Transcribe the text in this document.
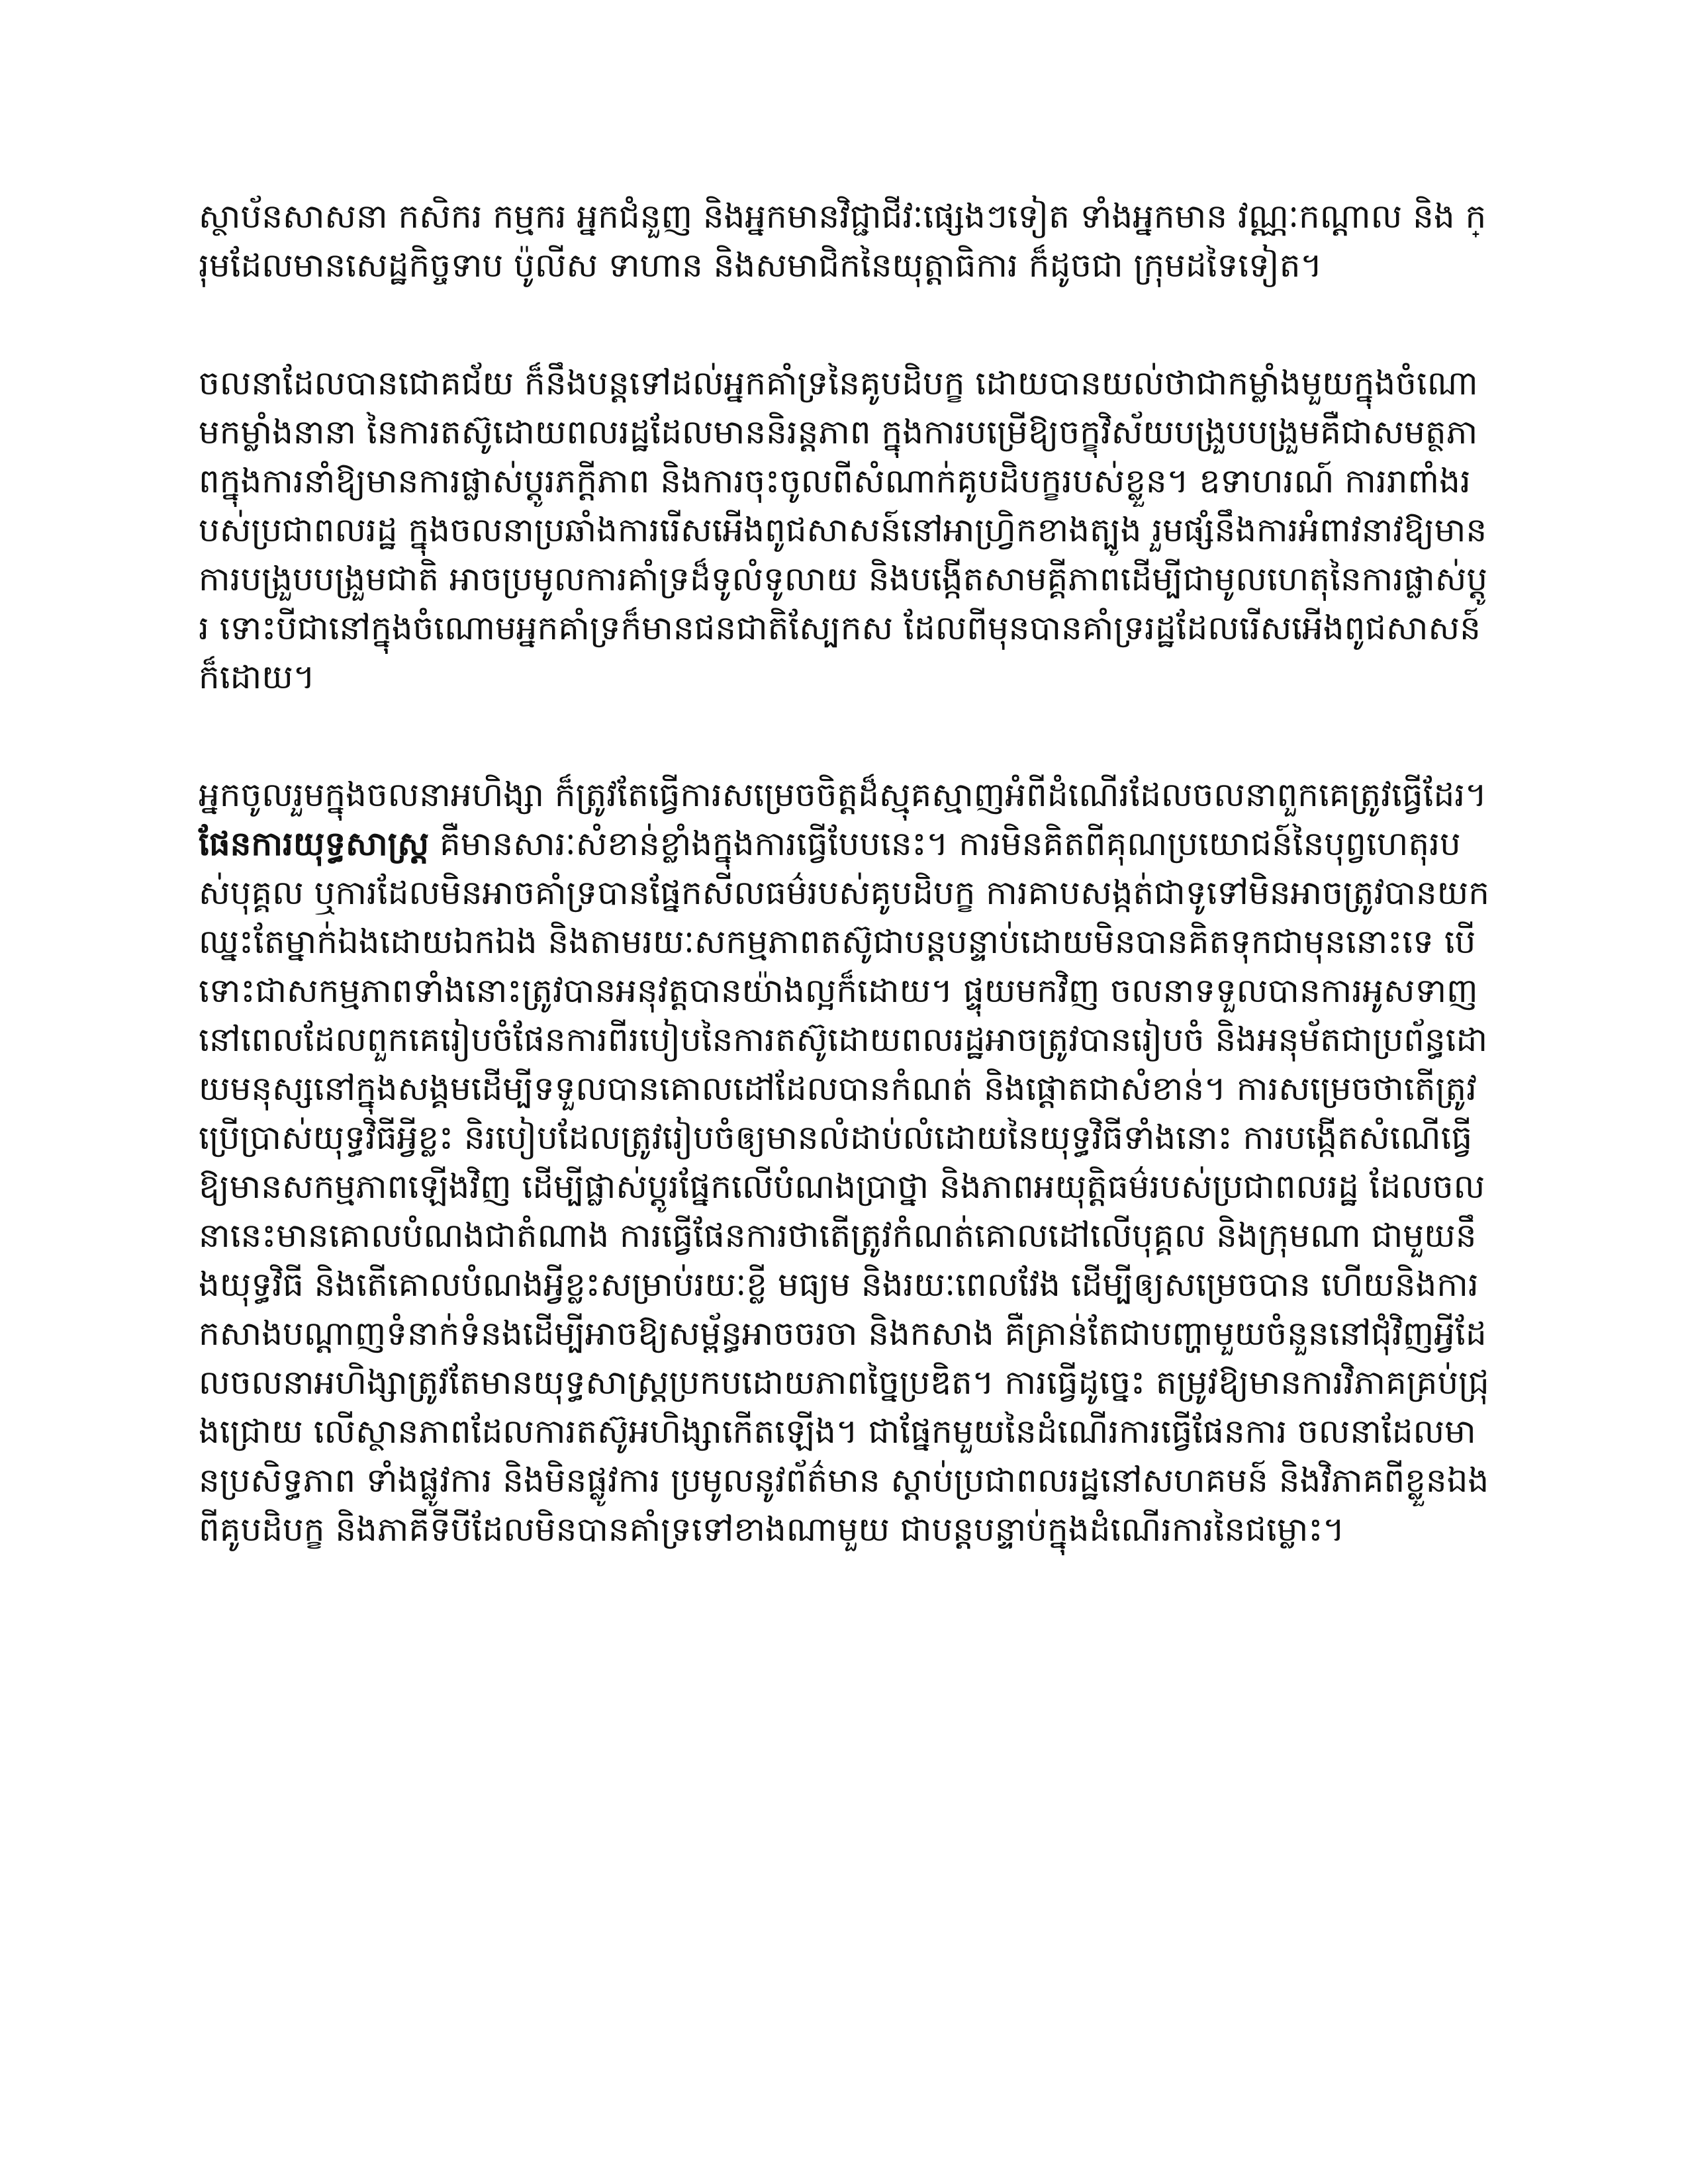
ស្ថាប័នសាសនា កសិករ កម្មករ អ្នកជំនួញ និងអ្នកមានវិជ្ជាជីវៈផ្សេងៗទៀត ទាំងអ្នកមាន វណ្ណៈកណ្ដាល និង ក្រុមដែលមានសេដ្ឋកិច្ចទាប ប៉ូលីស ទាហាន និងសមាជិកនៃយុត្តាធិការ ក៏ដូចជា ក្រុមដទៃទៀត។

ចលនាដែលបានជោគជ័យ ក៏នឹងបន្តទៅដល់អ្នកគាំទ្រនៃគូបដិបក្ខ ដោយបានយល់ថាជាកម្លាំងមួយក្នុងចំណោមកម្លាំងនានា នៃការតស៊ូដោយពលរដ្ឋដែលមាននិរន្តភាព ក្នុងការបម្រើឱ្យចក្ខុវិស័យបង្រួបបង្រួមគឺជាសមត្ថភាពក្នុងការនាំឱ្យមានការផ្លាស់ប្ដូរភក្ដីភាព និងការចុះចូលពីសំណាក់គូបដិបក្ខរបស់ខ្លួន។ ឧទាហរណ៍ ការរាពាំងរបស់ប្រជាពលរដ្ឋ ក្នុងចលនាប្រឆាំងការរើសអើងពូជសាសន៍នៅអាហ្វ្រិកខាងត្បូង រួមផ្សំនឹងការអំពាវនាវឱ្យមានការបង្រួបបង្រួមជាតិ អាចប្រមូលការគាំទ្រដ៏ទូលំទូលាយ និងបង្កើតសាមគ្គីភាពដើម្បីជាមូលហេតុនៃការផ្លាស់ប្ដូរ ទោះបីជានៅក្នុងចំណោមអ្នកគាំទ្រក៏មានជនជាតិស្បែកស ដែលពីមុនបានគាំទ្ររដ្ឋដែលរើសអើងពូជសាសន៍ក៏ដោយ។

អ្នកចូលរួមក្នុងចលនាអហិង្សា ក៏ត្រូវតែធ្វើការសម្រេចចិត្តដ៏ស្មុគស្មាញអំពីដំណើរដែលចលនាពួកគេត្រូវធ្វើដែរ។ ផែនការយុទ្ធសាស្ត្រ គឺមានសារៈសំខាន់ខ្លាំងក្នុងការធ្វើបែបនេះ។ ការមិនគិតពីគុណប្រយោជន៍នៃបុព្វហេតុរបស់បុគ្គល ឬការដែលមិនអាចគាំទ្របានផ្នែកសីលធម៌របស់គូបដិបក្ខ ការគាបសង្កត់ជាទូទៅមិនអាចត្រូវបានយកឈ្នះតែម្នាក់ឯងដោយឯកឯង និងតាមរយៈសកម្មភាពតស៊ូជាបន្តបន្ទាប់ដោយមិនបានគិតទុកជាមុននោះទេ បើទោះជាសកម្មភាពទាំងនោះត្រូវបានអនុវត្តបានយ៉ាងល្អក៏ដោយ។ ផ្ទុយមកវិញ ចលនាទទួលបានការអូសទាញ នៅពេលដែលពួកគេរៀបចំផែនការពីរបៀបនៃការតស៊ូដោយពលរដ្ឋអាចត្រូវបានរៀបចំ និងអនុម័តជាប្រព័ន្ធដោយមនុស្សនៅក្នុងសង្គមដើម្បីទទួលបានគោលដៅដែលបានកំណត់ និងផ្ដោតជាសំខាន់។ ការសម្រេចថាតើត្រូវប្រើប្រាស់យុទ្ធវិធីអ្វីខ្លះ និរបៀបដែលត្រូវរៀបចំឲ្យមានលំដាប់លំដោយនៃយុទ្ធវិធីទាំងនោះ ការបង្កើតសំណើធ្វើឱ្យមានសកម្មភាពឡើងវិញ ដើម្បីផ្លាស់ប្ដូរផ្នែកលើបំណងប្រាថ្នា និងភាពអយុត្តិធម៌របស់ប្រជាពលរដ្ឋ ដែលចលនានេះមានគោលបំណងជាតំណាង ការធ្វើផែនការថាតើត្រូវកំណត់គោលដៅលើបុគ្គល និងក្រុមណា ជាមួយនឹងយុទ្ធវិធី និងតើគោលបំណងអ្វីខ្លះសម្រាប់រយៈខ្លី មធ្យម និងរយៈពេលវែង ដើម្បីឲ្យសម្រេចបាន ហើយនិងការកសាងបណ្ដាញទំនាក់ទំនងដើម្បីអាចឱ្យសម្ព័ន្ធអាចចរចា និងកសាង គឺគ្រាន់តែជាបញ្ហាមួយចំនួននៅជុំវិញអ្វីដែលចលនាអហិង្សាត្រូវតែមានយុទ្ធសាស្ត្រប្រកបដោយភាពច្នៃប្រឌិត។ ការធ្វើដូច្នេះ តម្រូវឱ្យមានការវិភាគគ្រប់ជ្រុងជ្រោយ លើស្ថានភាពដែលការតស៊ូអហិង្សាកើតឡើង។ ជាផ្នែកមួយនៃដំណើរការធ្វើផែនការ ចលនាដែលមានប្រសិទ្ធភាព ទាំងផ្លូវការ និងមិនផ្លូវការ ប្រមូលនូវព័ត៌មាន ស្ដាប់ប្រជាពលរដ្ឋនៅសហគមន៍ និងវិភាគពីខ្លួនឯង ពីគូបដិបក្ខ និងភាគីទីបីដែលមិនបានគាំទ្រទៅខាងណាមួយ ជាបន្តបន្ទាប់ក្នុងដំណើរការនៃជម្លោះ។
